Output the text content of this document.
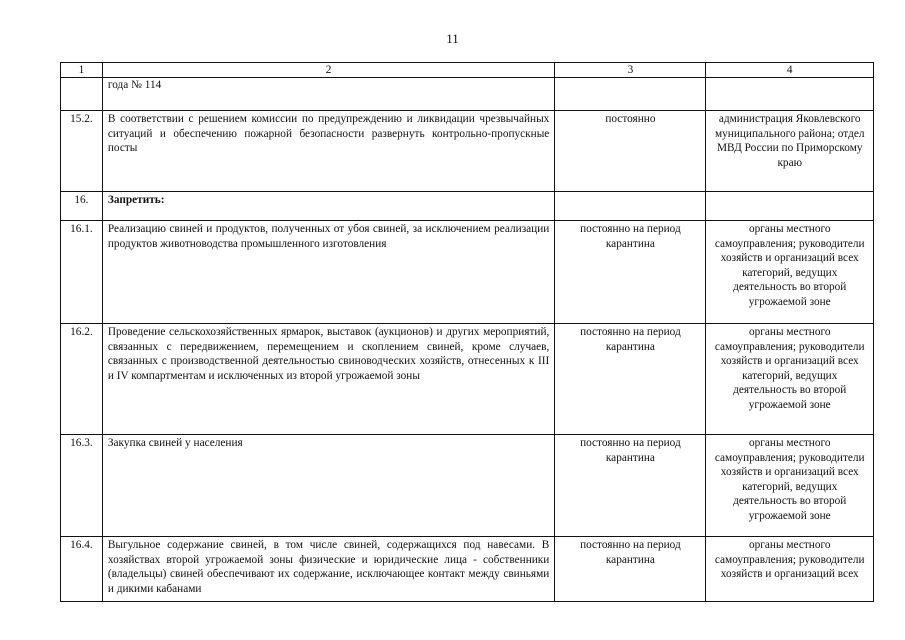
11
1	2	3	4
	года № 114		
15.2.	В соответствии с решением комиссии по предупреждению и ликвидации чрезвычайных ситуаций и обеспечению пожарной безопасности развернуть контрольно-пропускные посты	постоянно	администрация Яковлевского муниципального района; отдел МВД России по Приморскому краю
16.	Запретить:		
16.1.	Реализацию свиней и продуктов, полученных от убоя свиней, за исключением реализации продуктов животноводства промышленного изготовления	постоянно на период карантина	органы местного самоуправления; руководители хозяйств и организаций всех категорий, ведущих деятельность во второй угрожаемой зоне
16.2.	Проведение сельскохозяйственных ярмарок, выставок (аукционов) и других мероприятий, связанных с передвижением, перемещением и скоплением свиней, кроме случаев, связанных с производственной деятельностью свиноводческих хозяйств, отнесенных к III и IV компартментам и исключенных из второй угрожаемой зоны	постоянно на период карантина	органы местного самоуправления; руководители хозяйств и организаций всех категорий, ведущих деятельность во второй угрожаемой зоне
16.3.	Закупка свиней у населения	постоянно на период карантина	органы местного самоуправления; руководители хозяйств и организаций всех категорий, ведущих деятельность во второй угрожаемой зоне
16.4.	Выгульное содержание свиней, в том числе свиней, содержащихся под навесами. В хозяйствах второй угрожаемой зоны физические и юридические лица - собственники (владельцы) свиней обеспечивают их содержание, исключающее контакт между свиньями и дикими кабанами	постоянно на период карантина	органы местного самоуправления; руководители хозяйств и организаций всех
